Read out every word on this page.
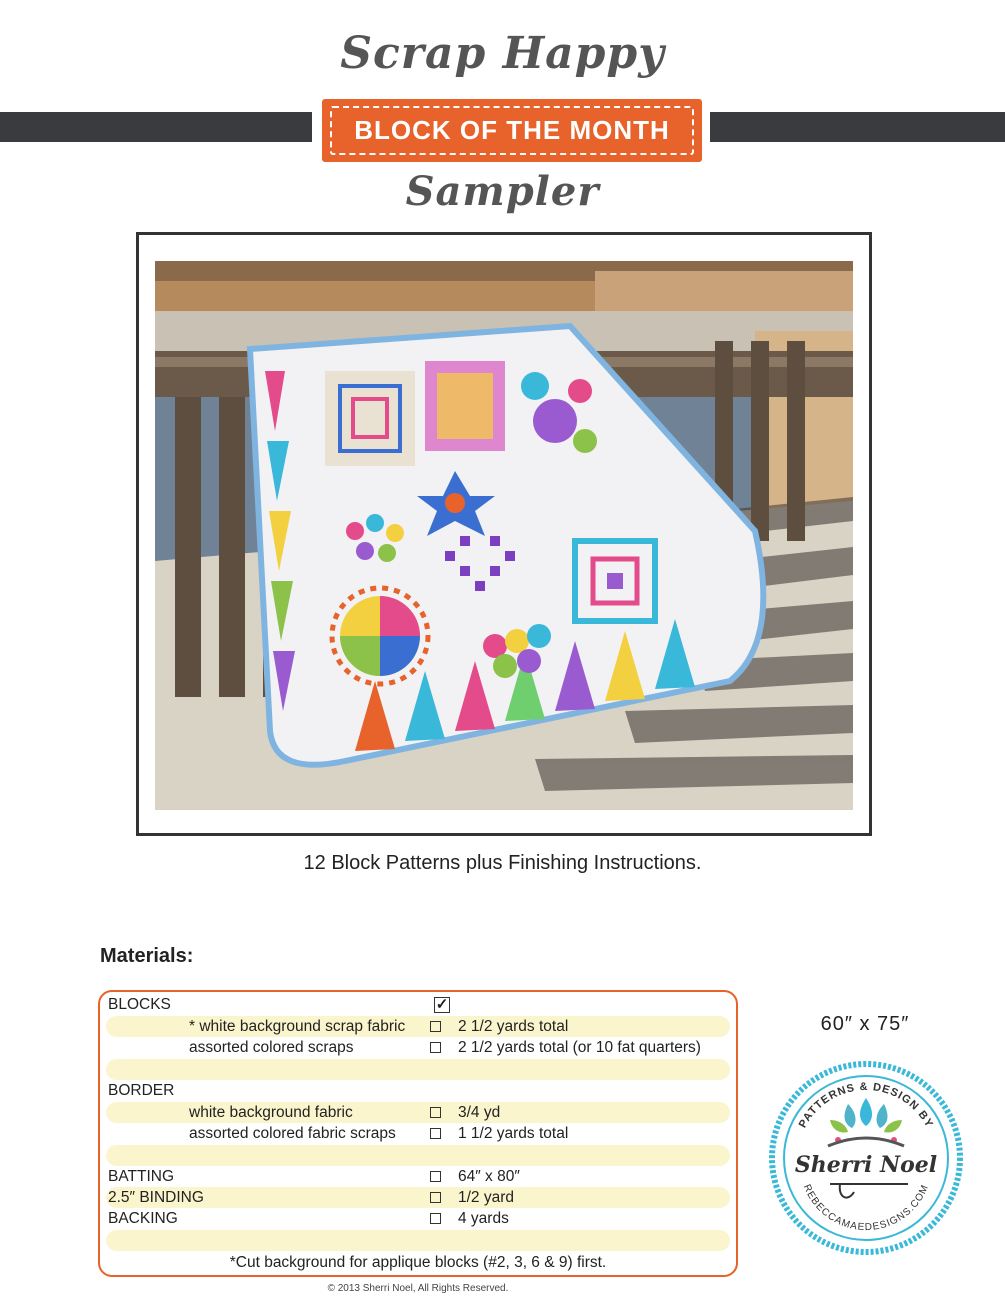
Scrap Happy
BLOCK OF THE MONTH
Sampler
12 Block Patterns plus Finishing Instructions.
Materials:
BLOCKS	✓
* white background scrap fabric	2 1/2 yards total
assorted colored scraps	2 1/2 yards total (or 10 fat quarters)
BORDER
white background fabric	3/4 yd
assorted colored fabric scraps	1 1/2 yards total
BATTING	64″ x 80″
2.5″ BINDING	1/2 yard
BACKING	4 yards
*Cut background for applique blocks (#2, 3, 6 & 9) first.
60″ x 75″
PATTERNS & DESIGN BY
REBECCAMAEDESIGNS.COM
Sherri Noel
© 2013 Sherri Noel, All Rights Reserved.
